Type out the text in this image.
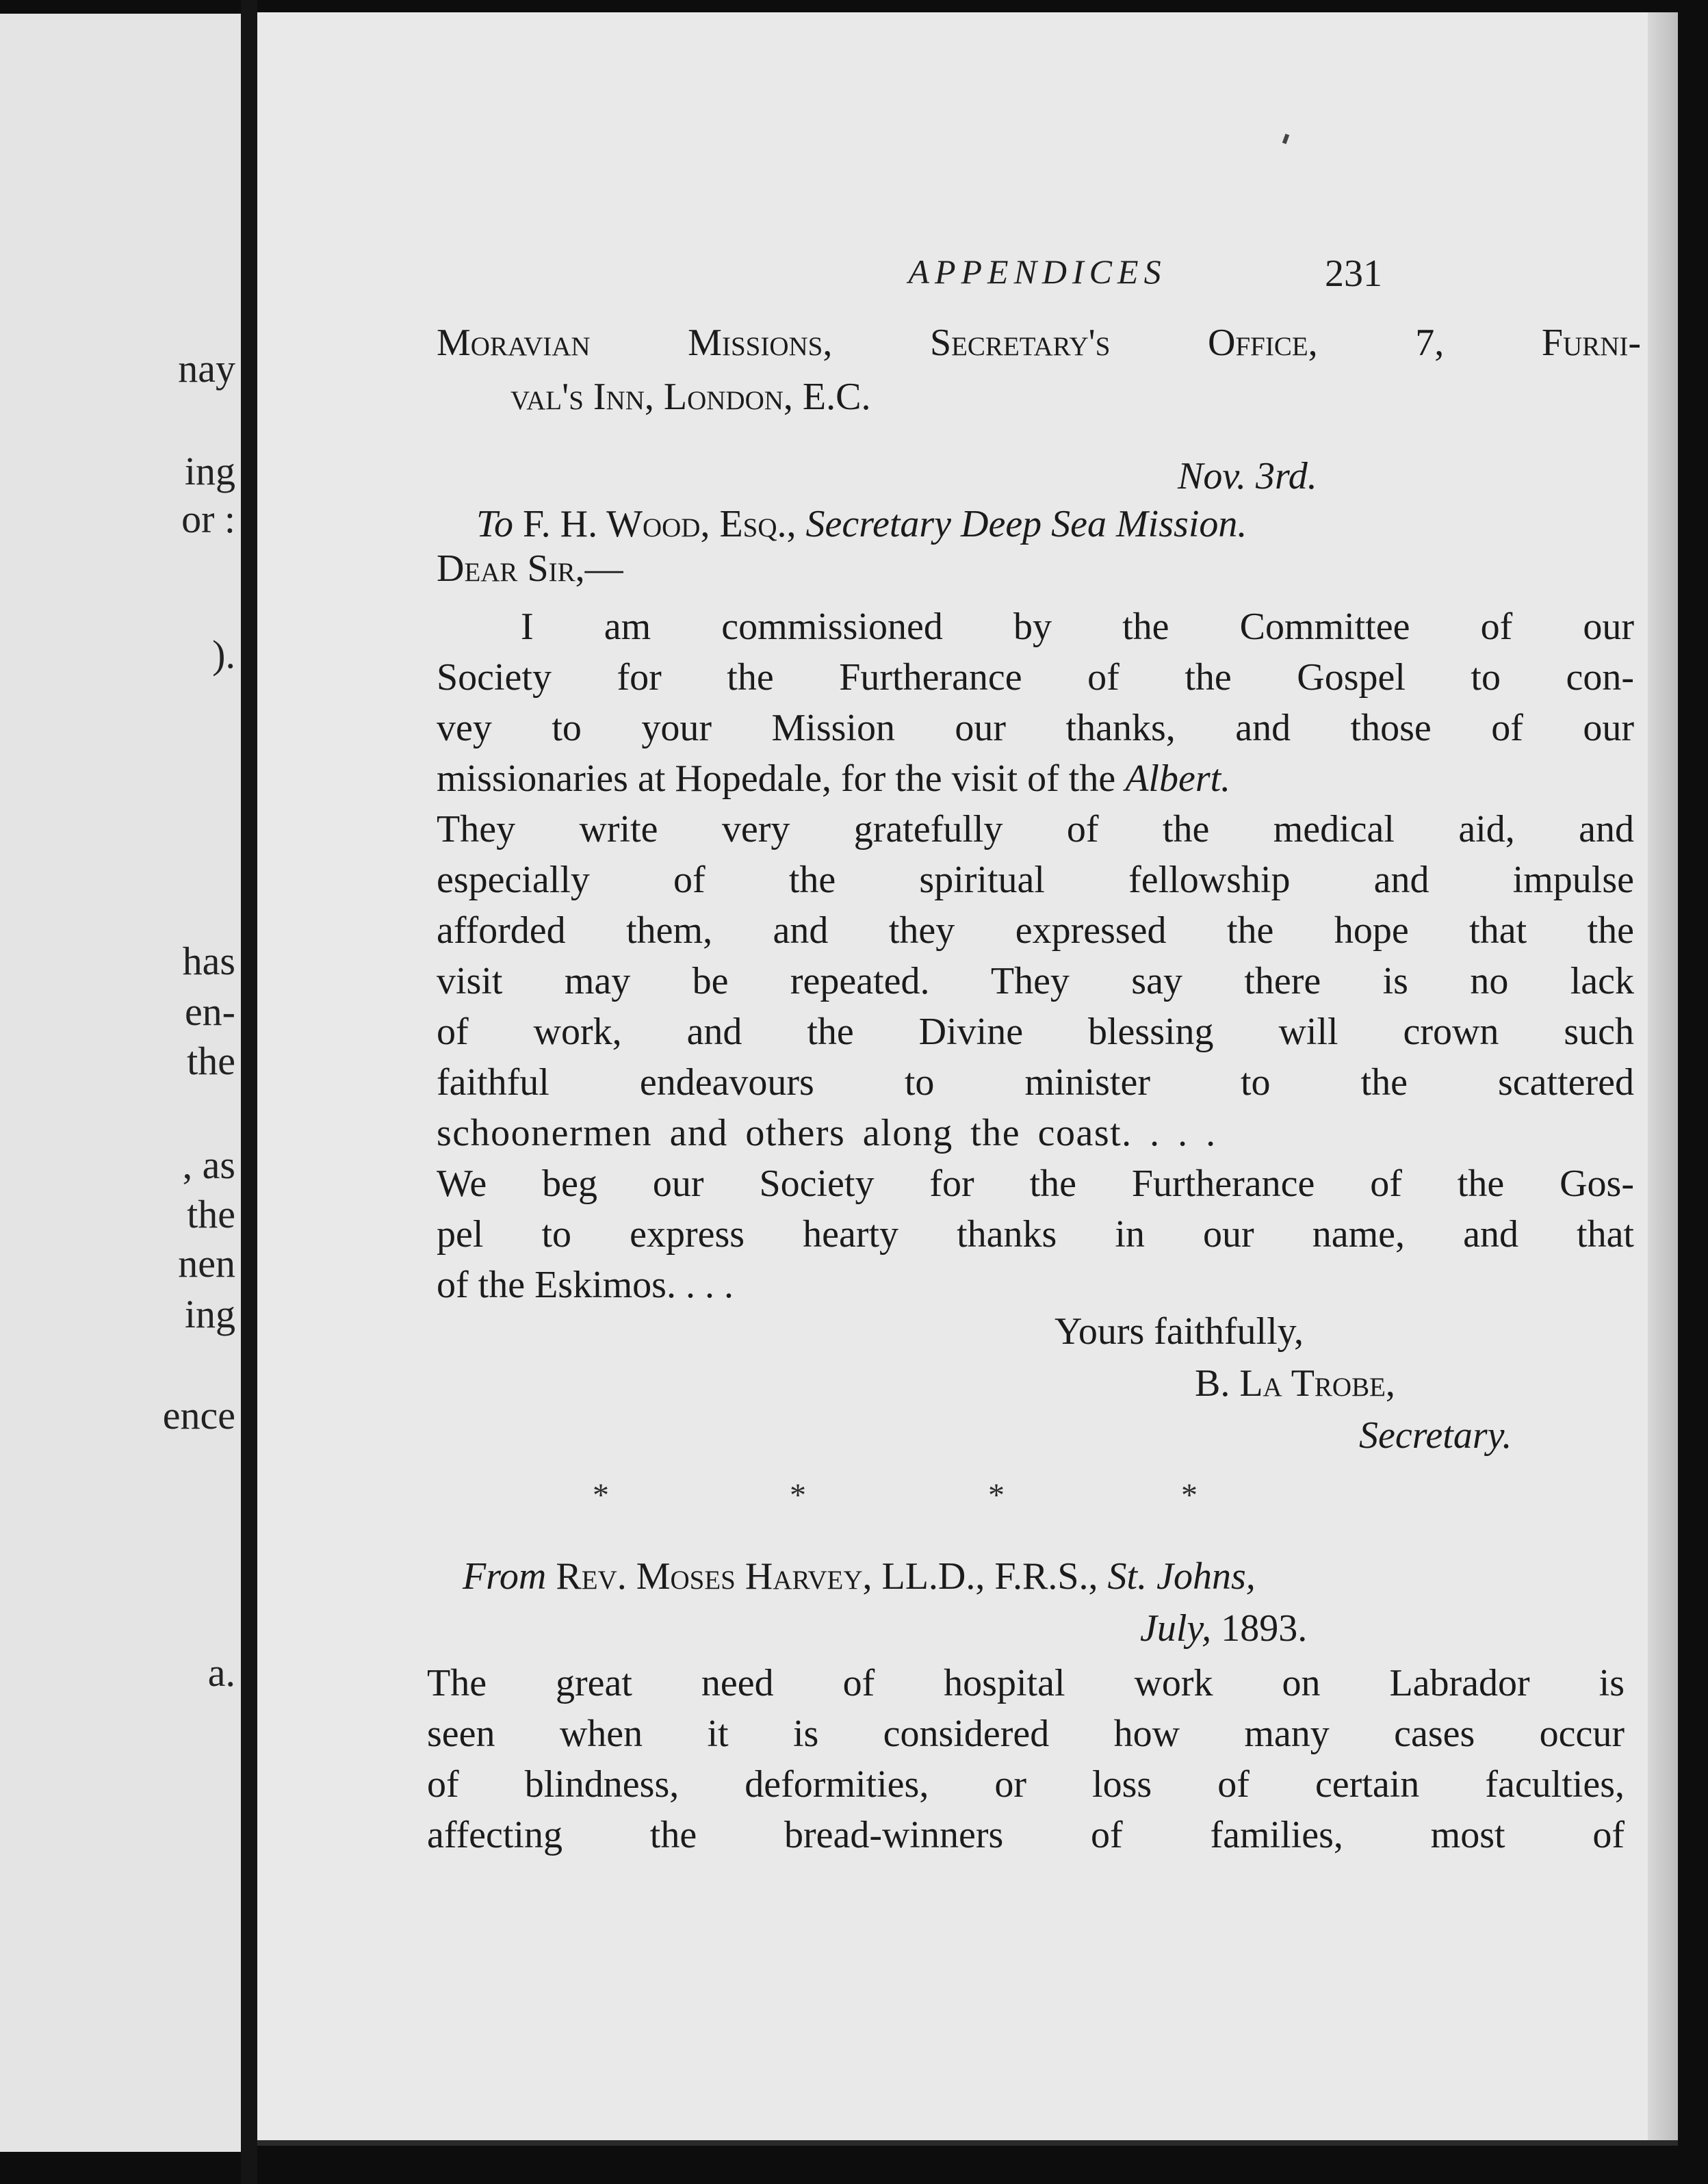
nay
ing
or :
).
has
en-
the
, as
the
nen
ing
ence
a.
APPENDICES	231
Moravian Missions, Secretary's Office, 7, Furni-
val's Inn, London, E.C.
Nov. 3rd.
To F. H. Wood, Esq., Secretary Deep Sea Mission.
Dear Sir,—
I am commissioned by the Committee of our
Society for the Furtherance of the Gospel to con-
vey to your Mission our thanks, and those of our
missionaries at Hopedale, for the visit of the Albert.
They write very gratefully of the medical aid, and
especially of the spiritual fellowship and impulse
afforded them, and they expressed the hope that the
visit may be repeated. They say there is no lack
of work, and the Divine blessing will crown such
faithful endeavours to minister to the scattered
schoonermen and others along the coast. . . .
We beg our Society for the Furtherance of the Gos-
pel to express hearty thanks in our name, and that
of the Eskimos. . . .
Yours faithfully,
B. La Trobe,
Secretary.
*	*	*	*
From Rev. Moses Harvey, LL.D., F.R.S., St. Johns,
July, 1893.
The great need of hospital work on Labrador is
seen when it is considered how many cases occur
of blindness, deformities, or loss of certain faculties,
affecting the bread-winners of families, most of
